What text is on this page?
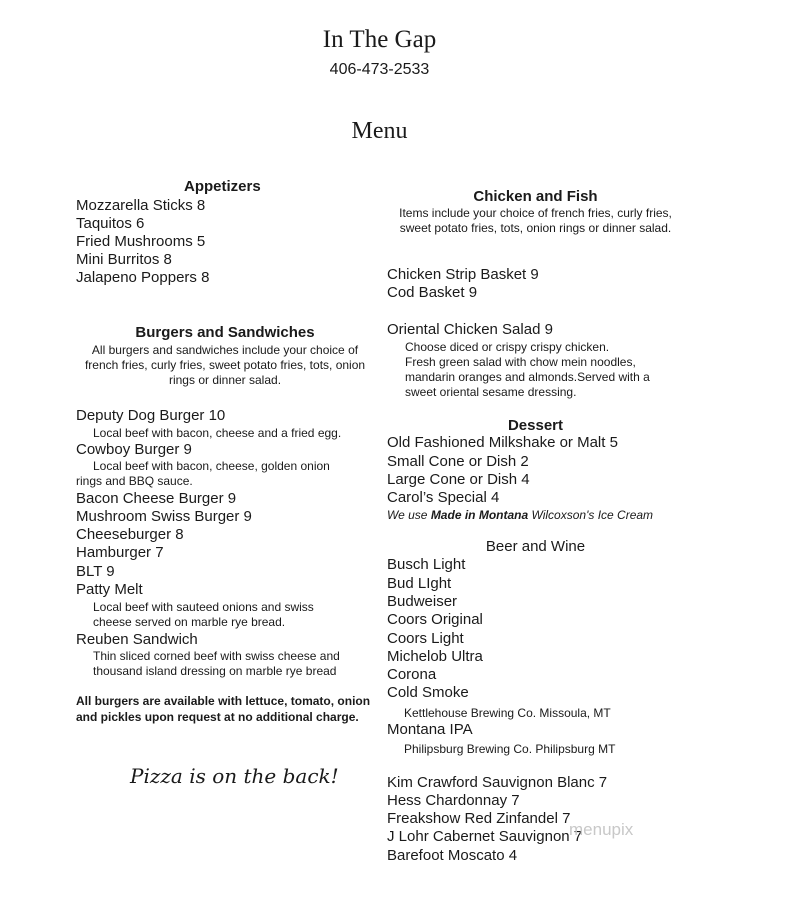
In The Gap
406-473-2533
Menu
Appetizers
Mozzarella Sticks 8
Taquitos 6
Fried Mushrooms 5
Mini Burritos 8
Jalapeno Poppers 8
Burgers and Sandwiches
All burgers and sandwiches include your choice of french fries, curly fries, sweet potato fries, tots, onion rings or dinner salad.
Deputy Dog Burger 10
Local beef with bacon, cheese and a fried egg.
Cowboy Burger 9
Local beef with bacon, cheese, golden onion
rings and BBQ sauce.
Bacon Cheese Burger 9
Mushroom Swiss Burger 9
Cheeseburger 8
Hamburger 7
BLT 9
Patty Melt
Local beef with sauteed onions and swiss
cheese served on marble rye bread.
Reuben Sandwich
Thin sliced corned beef with swiss cheese and
thousand island dressing on marble rye bread
All burgers are available with lettuce, tomato, onion and pickles upon request at no additional charge.
Pizza is on the back!
Chicken and Fish
Items include your choice of french fries, curly fries, sweet potato fries, tots, onion rings or dinner salad.
Chicken Strip Basket 9
Cod Basket 9
Oriental Chicken Salad 9
Choose diced or crispy crispy chicken.
Fresh green salad with chow mein noodles,
mandarin oranges and almonds.Served with a
sweet oriental sesame dressing.
Dessert
Old Fashioned Milkshake or Malt 5
Small Cone or Dish 2
Large Cone or Dish 4
Carol’s Special 4
We use Made in Montana Wilcoxson's Ice Cream
Beer and Wine
Busch Light
Bud LIght
Budweiser
Coors Original
Coors Light
Michelob Ultra
Corona
Cold Smoke
Kettlehouse Brewing Co. Missoula, MT
Montana IPA
Philipsburg Brewing Co. Philipsburg MT
Kim Crawford Sauvignon Blanc 7
Hess Chardonnay 7
Freakshow Red Zinfandel 7
J Lohr Cabernet Sauvignon 7
Barefoot Moscato 4
menupix
